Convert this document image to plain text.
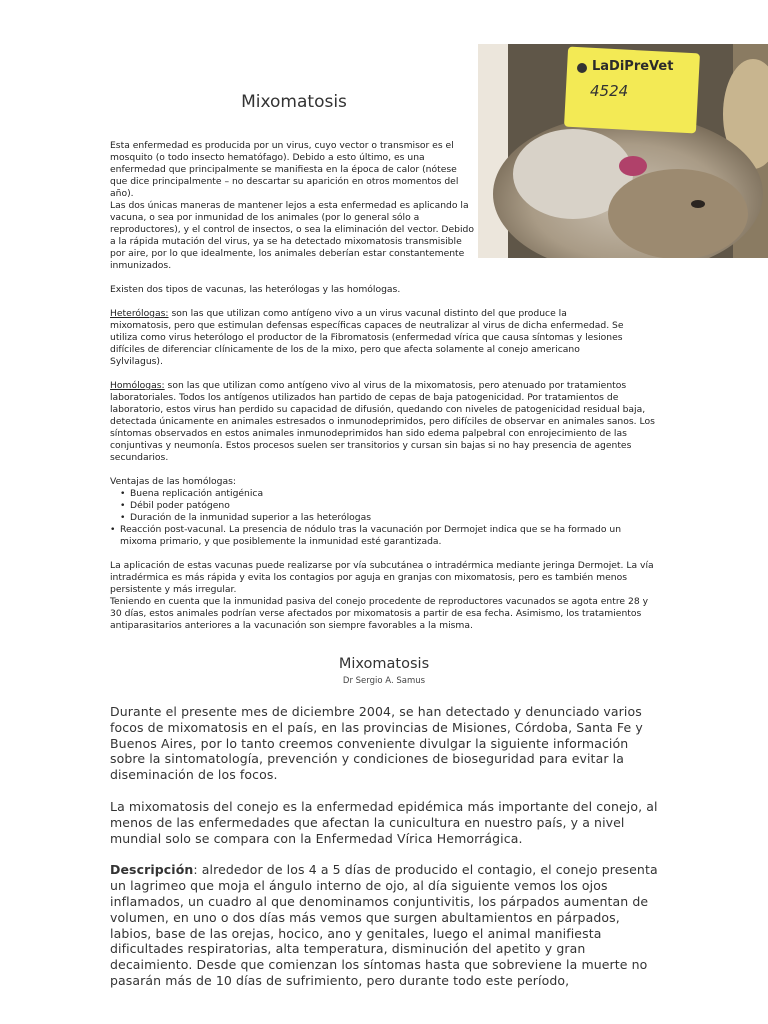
Mixomatosis
LaDiPreVet
4524
Esta enfermedad es producida por un virus, cuyo vector o transmisor es el mosquito (o todo insecto hematófago). Debido a esto último, es una enfermedad que principalmente se manifiesta en la época de calor (nótese que dice principalmente – no descartar su aparición en otros momentos del año).
Las dos únicas maneras de mantener lejos a esta enfermedad es aplicando la vacuna, o sea por inmunidad de los animales (por lo general sólo a reproductores), y el control de insectos, o sea la eliminación del vector. Debido a la rápida mutación del virus, ya se ha detectado mixomatosis transmisible por aire, por lo que idealmente, los animales deberían estar constantemente inmunizados.
Existen dos tipos de vacunas, las heterólogas y las homólogas.
Heterólogas: son las que utilizan como antígeno vivo a un virus vacunal distinto del que produce la mixomatosis, pero que estimulan defensas específicas capaces de neutralizar al virus de dicha enfermedad. Se utiliza como virus heterólogo el productor de la Fibromatosis (enfermedad vírica que causa síntomas y lesiones difíciles de diferenciar clínicamente de los de la mixo, pero que afecta solamente al conejo americano Sylvilagus).
Homólogas: son las que utilizan como antígeno vivo al virus de la mixomatosis, pero atenuado por tratamientos laboratoriales. Todos los antígenos utilizados han partido de cepas de baja patogenicidad. Por tratamientos de laboratorio, estos virus han perdido su capacidad de difusión, quedando con niveles de patogenicidad residual baja, detectada únicamente en animales estresados o inmunodeprimidos, pero difíciles de observar en animales sanos. Los síntomas observados en estos animales inmunodeprimidos han sido edema palpebral con enrojecimiento de las conjuntivas y neumonía. Estos procesos suelen ser transitorios y cursan sin bajas si no hay presencia de agentes secundarios.
Ventajas de las homólogas:
• Buena replicación antigénica
• Débil poder patógeno
• Duración de la inmunidad superior a las heterólogas
• Reacción post-vacunal. La presencia de nódulo tras la vacunación por Dermojet indica que se ha formado un mixoma primario, y que posiblemente la inmunidad esté garantizada.
La aplicación de estas vacunas puede realizarse por vía subcutánea o intradérmica mediante jeringa Dermojet. La vía intradérmica es más rápida y evita los contagios por aguja en granjas con mixomatosis, pero es también menos persistente y más irregular.
Teniendo en cuenta que la inmunidad pasiva del conejo procedente de reproductores vacunados se agota entre 28 y 30 días, estos animales podrían verse afectados por mixomatosis a partir de esa fecha. Asimismo, los tratamientos antiparasitarios anteriores a la vacunación son siempre favorables a la misma.
Mixomatosis
Dr Sergio A. Samus

Durante el presente mes de diciembre 2004, se han detectado y denunciado varios focos de mixomatosis en el país, en las provincias de Misiones, Córdoba, Santa Fe y Buenos Aires, por lo tanto creemos conveniente divulgar la siguiente información sobre la sintomatología, prevención y condiciones de bioseguridad para evitar la diseminación de los focos.

La mixomatosis del conejo es la enfermedad epidémica más importante del conejo, al menos de las enfermedades que afectan la cunicultura en nuestro país, y a nivel mundial solo se compara con la Enfermedad Vírica Hemorrágica.

Descripción: alrededor de los 4 a 5 días de producido el contagio, el conejo presenta un lagrimeo que moja el ángulo interno de ojo, al día siguiente vemos los ojos inflamados, un cuadro al que denominamos conjuntivitis, los párpados aumentan de volumen, en uno o dos días más vemos que surgen abultamientos en párpados, labios, base de las orejas, hocico, ano y genitales, luego el animal manifiesta dificultades respiratorias, alta temperatura, disminución del apetito y gran decaimiento. Desde que comienzan los síntomas hasta que sobreviene la muerte no pasarán más de 10 días de sufrimiento, pero durante todo este período,
